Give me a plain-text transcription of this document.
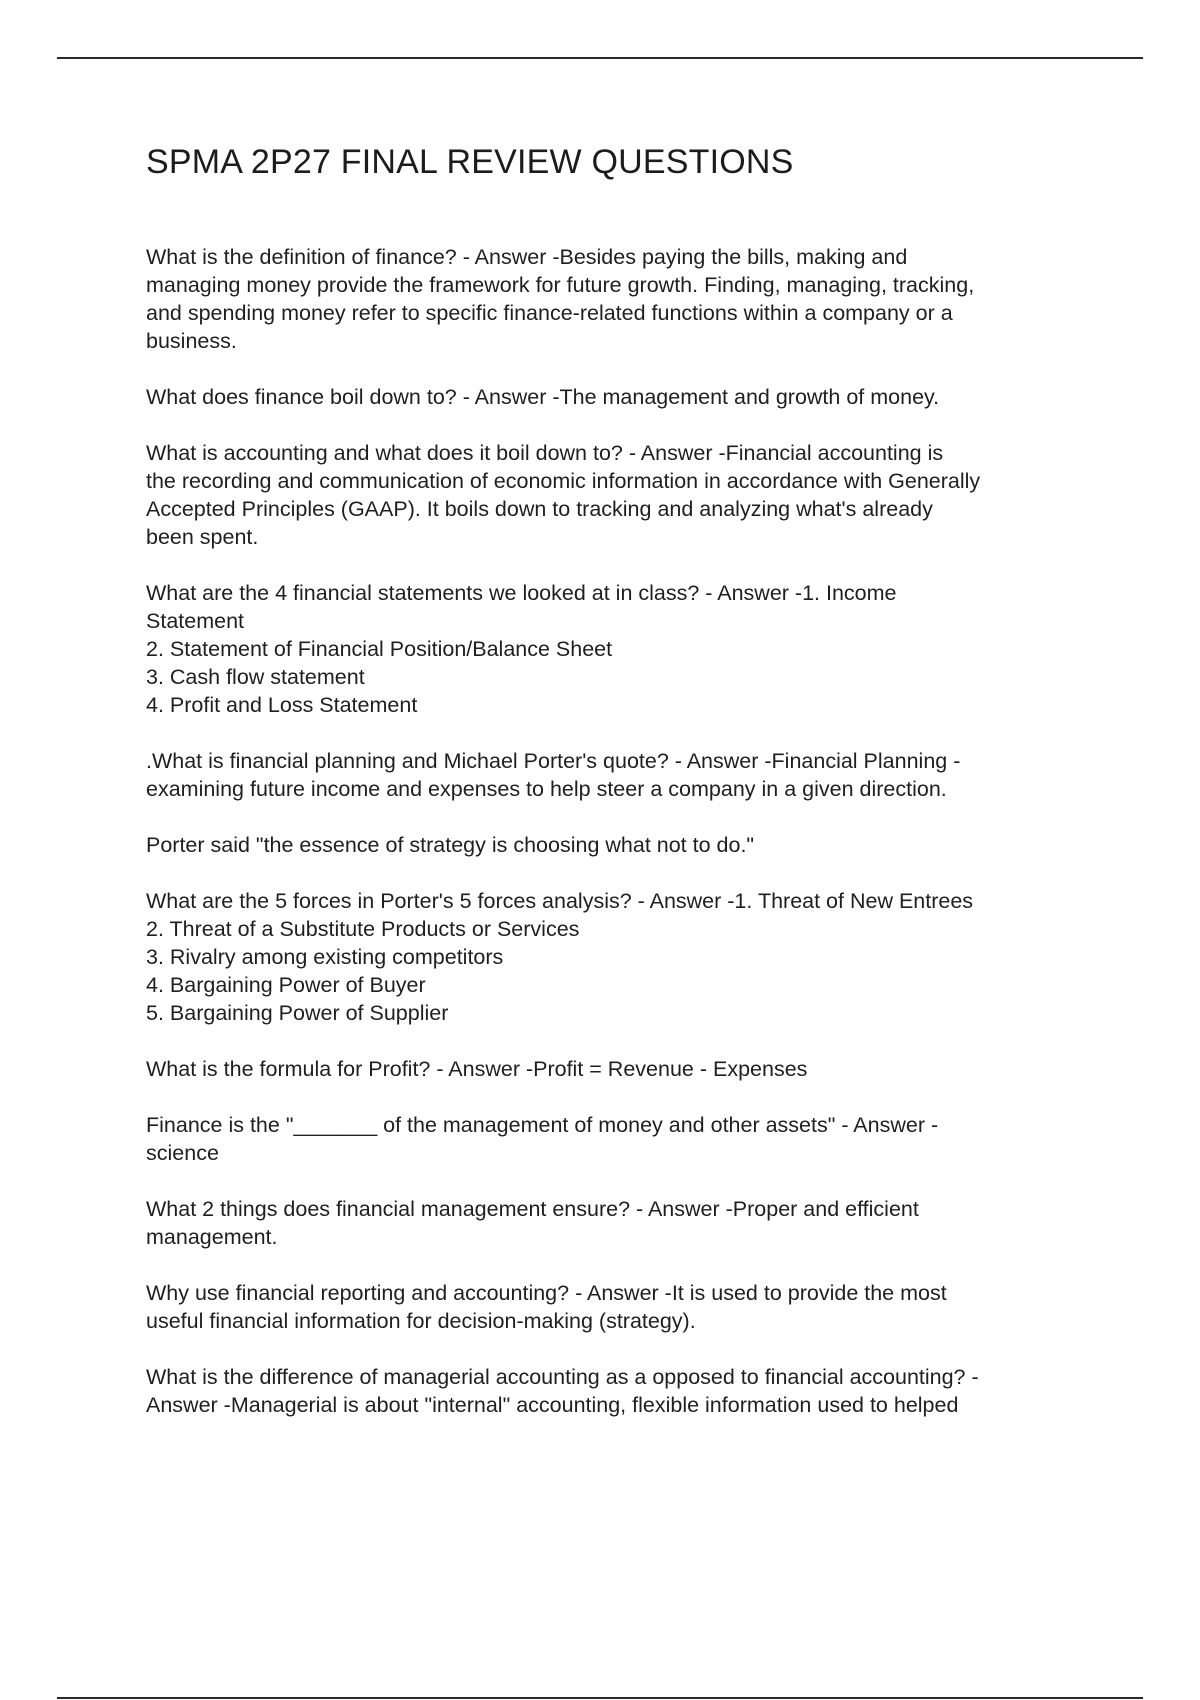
SPMA 2P27 FINAL REVIEW QUESTIONS

What is the definition of finance? - Answer -Besides paying the bills, making and
managing money provide the framework for future growth. Finding, managing, tracking,
and spending money refer to specific finance-related functions within a company or a
business.

What does finance boil down to? - Answer -The management and growth of money.

What is accounting and what does it boil down to? - Answer -Financial accounting is
the recording and communication of economic information in accordance with Generally
Accepted Principles (GAAP). It boils down to tracking and analyzing what's already
been spent.

What are the 4 financial statements we looked at in class? - Answer -1. Income
Statement
2. Statement of Financial Position/Balance Sheet
3. Cash flow statement
4. Profit and Loss Statement

.What is financial planning and Michael Porter's quote? - Answer -Financial Planning -
examining future income and expenses to help steer a company in a given direction.

Porter said "the essence of strategy is choosing what not to do."

What are the 5 forces in Porter's 5 forces analysis? - Answer -1. Threat of New Entrees
2. Threat of a Substitute Products or Services
3. Rivalry among existing competitors
4. Bargaining Power of Buyer
5. Bargaining Power of Supplier

What is the formula for Profit? - Answer -Profit = Revenue - Expenses

Finance is the "_______ of the management of money and other assets" - Answer -
science

What 2 things does financial management ensure? - Answer -Proper and efficient
management.

Why use financial reporting and accounting? - Answer -It is used to provide the most
useful financial information for decision-making (strategy).

What is the difference of managerial accounting as a opposed to financial accounting? -
Answer -Managerial is about "internal" accounting, flexible information used to helped
